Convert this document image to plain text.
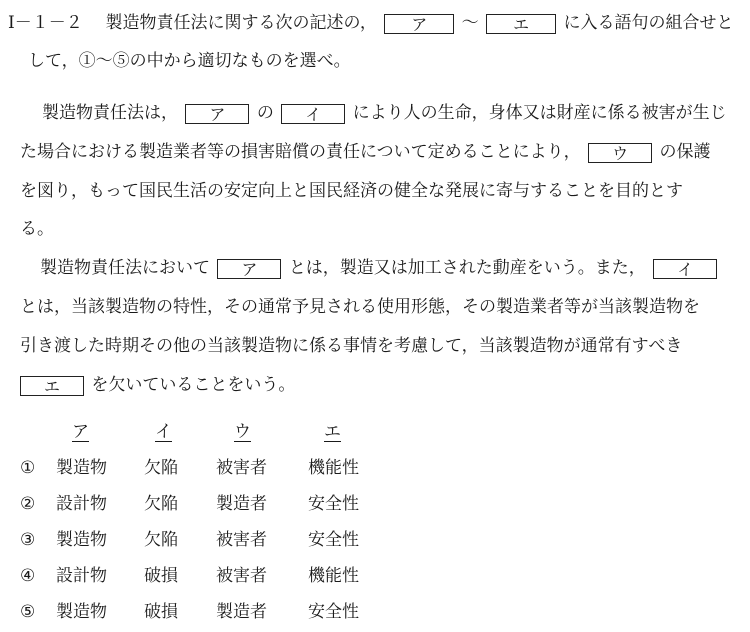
Ⅰ－１－２ 製造物責任法に関する次の記述の， ア ～ エ に入る語句の組合せと
して，①～⑤の中から適切なものを選べ。
製造物責任法は， ア の イ により人の生命，身体又は財産に係る被害が生じ
た場合における製造業者等の損害賠償の責任について定めることにより， ウ の保護
を図り，もって国民生活の安定向上と国民経済の健全な発展に寄与することを目的とす
る。
製造物責任法において ア とは，製造又は加工された動産をいう。また， イ
とは，当該製造物の特性，その通常予見される使用形態，その製造業者等が当該製造物を
引き渡した時期その他の当該製造物に係る事情を考慮して，当該製造物が通常有すべき
エ を欠いていることをいう。
ア	イ	ウ	エ
① 製造物 欠陥 被害者 機能性
② 設計物 欠陥 製造者 安全性
③ 製造物 欠陥 被害者 安全性
④ 設計物 破損 被害者 機能性
⑤ 製造物 破損 製造者 安全性
